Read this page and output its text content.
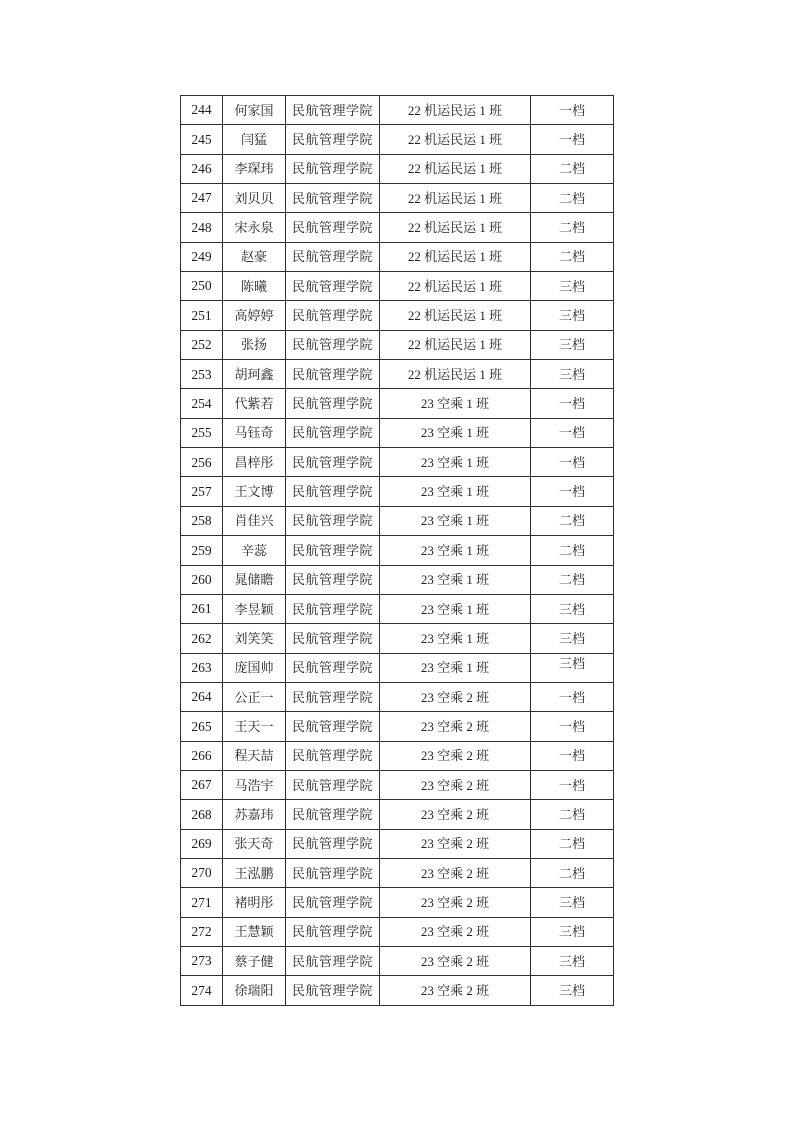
244	何家国	民航管理学院	22 机运民运 1 班	一档
245	闫猛	民航管理学院	22 机运民运 1 班	一档
246	李琛玮	民航管理学院	22 机运民运 1 班	二档
247	刘贝贝	民航管理学院	22 机运民运 1 班	二档
248	宋永泉	民航管理学院	22 机运民运 1 班	二档
249	赵豪	民航管理学院	22 机运民运 1 班	二档
250	陈曦	民航管理学院	22 机运民运 1 班	三档
251	高婷婷	民航管理学院	22 机运民运 1 班	三档
252	张扬	民航管理学院	22 机运民运 1 班	三档
253	胡珂鑫	民航管理学院	22 机运民运 1 班	三档
254	代紫若	民航管理学院	23 空乘 1 班	一档
255	马钰奇	民航管理学院	23 空乘 1 班	一档
256	昌梓彤	民航管理学院	23 空乘 1 班	一档
257	王文博	民航管理学院	23 空乘 1 班	一档
258	肖佳兴	民航管理学院	23 空乘 1 班	二档
259	辛蕊	民航管理学院	23 空乘 1 班	二档
260	晁储瞻	民航管理学院	23 空乘 1 班	二档
261	李昱颖	民航管理学院	23 空乘 1 班	三档
262	刘笑笑	民航管理学院	23 空乘 1 班	三档
263	庞国帅	民航管理学院	23 空乘 1 班	三档
264	公正一	民航管理学院	23 空乘 2 班	一档
265	王天一	民航管理学院	23 空乘 2 班	一档
266	程天喆	民航管理学院	23 空乘 2 班	一档
267	马浩宇	民航管理学院	23 空乘 2 班	一档
268	苏嘉玮	民航管理学院	23 空乘 2 班	二档
269	张天奇	民航管理学院	23 空乘 2 班	二档
270	王泓鹏	民航管理学院	23 空乘 2 班	二档
271	褚明彤	民航管理学院	23 空乘 2 班	三档
272	王慧颖	民航管理学院	23 空乘 2 班	三档
273	蔡子健	民航管理学院	23 空乘 2 班	三档
274	徐瑞阳	民航管理学院	23 空乘 2 班	三档
